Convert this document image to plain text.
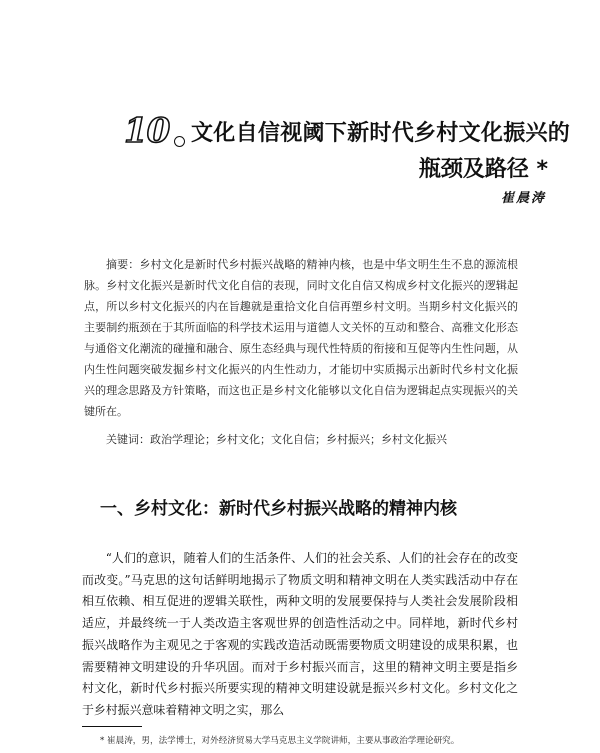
10 文化自信视阈下新时代乡村文化振兴的
瓶颈及路径 *
崔晨涛
摘要：乡村文化是新时代乡村振兴战略的精神内核，也是中华文明生生不息的源流根脉。乡村文化振兴是新时代文化自信的表现，同时文化自信又构成乡村文化振兴的逻辑起点，所以乡村文化振兴的内在旨趣就是重拾文化自信再塑乡村文明。当期乡村文化振兴的主要制约瓶颈在于其所面临的科学技术运用与道德人文关怀的互动和整合、高雅文化形态与通俗文化潮流的碰撞和融合、原生态经典与现代性特质的衔接和互促等内生性问题，从内生性问题突破发掘乡村文化振兴的内生性动力，才能切中实质揭示出新时代乡村文化振兴的理念思路及方针策略，而这也正是乡村文化能够以文化自信为逻辑起点实现振兴的关键所在。
关键词：政治学理论；乡村文化；文化自信；乡村振兴；乡村文化振兴
一、乡村文化：新时代乡村振兴战略的精神内核
“人们的意识，随着人们的生活条件、人们的社会关系、人们的社会存在的改变而改变。”马克思的这句话鲜明地揭示了物质文明和精神文明在人类实践活动中存在相互依赖、相互促进的逻辑关联性，两种文明的发展要保持与人类社会发展阶段相适应，并最终统一于人类改造主客观世界的创造性活动之中。同样地，新时代乡村振兴战略作为主观见之于客观的实践改造活动既需要物质文明建设的成果积累，也需要精神文明建设的升华巩固。而对于乡村振兴而言，这里的精神文明主要是指乡村文化，新时代乡村振兴所要实现的精神文明建设就是振兴乡村文化。乡村文化之于乡村振兴意味着精神文明之实，那么
* 崔晨涛，男，法学博士，对外经济贸易大学马克思主义学院讲师，主要从事政治学理论研究。
